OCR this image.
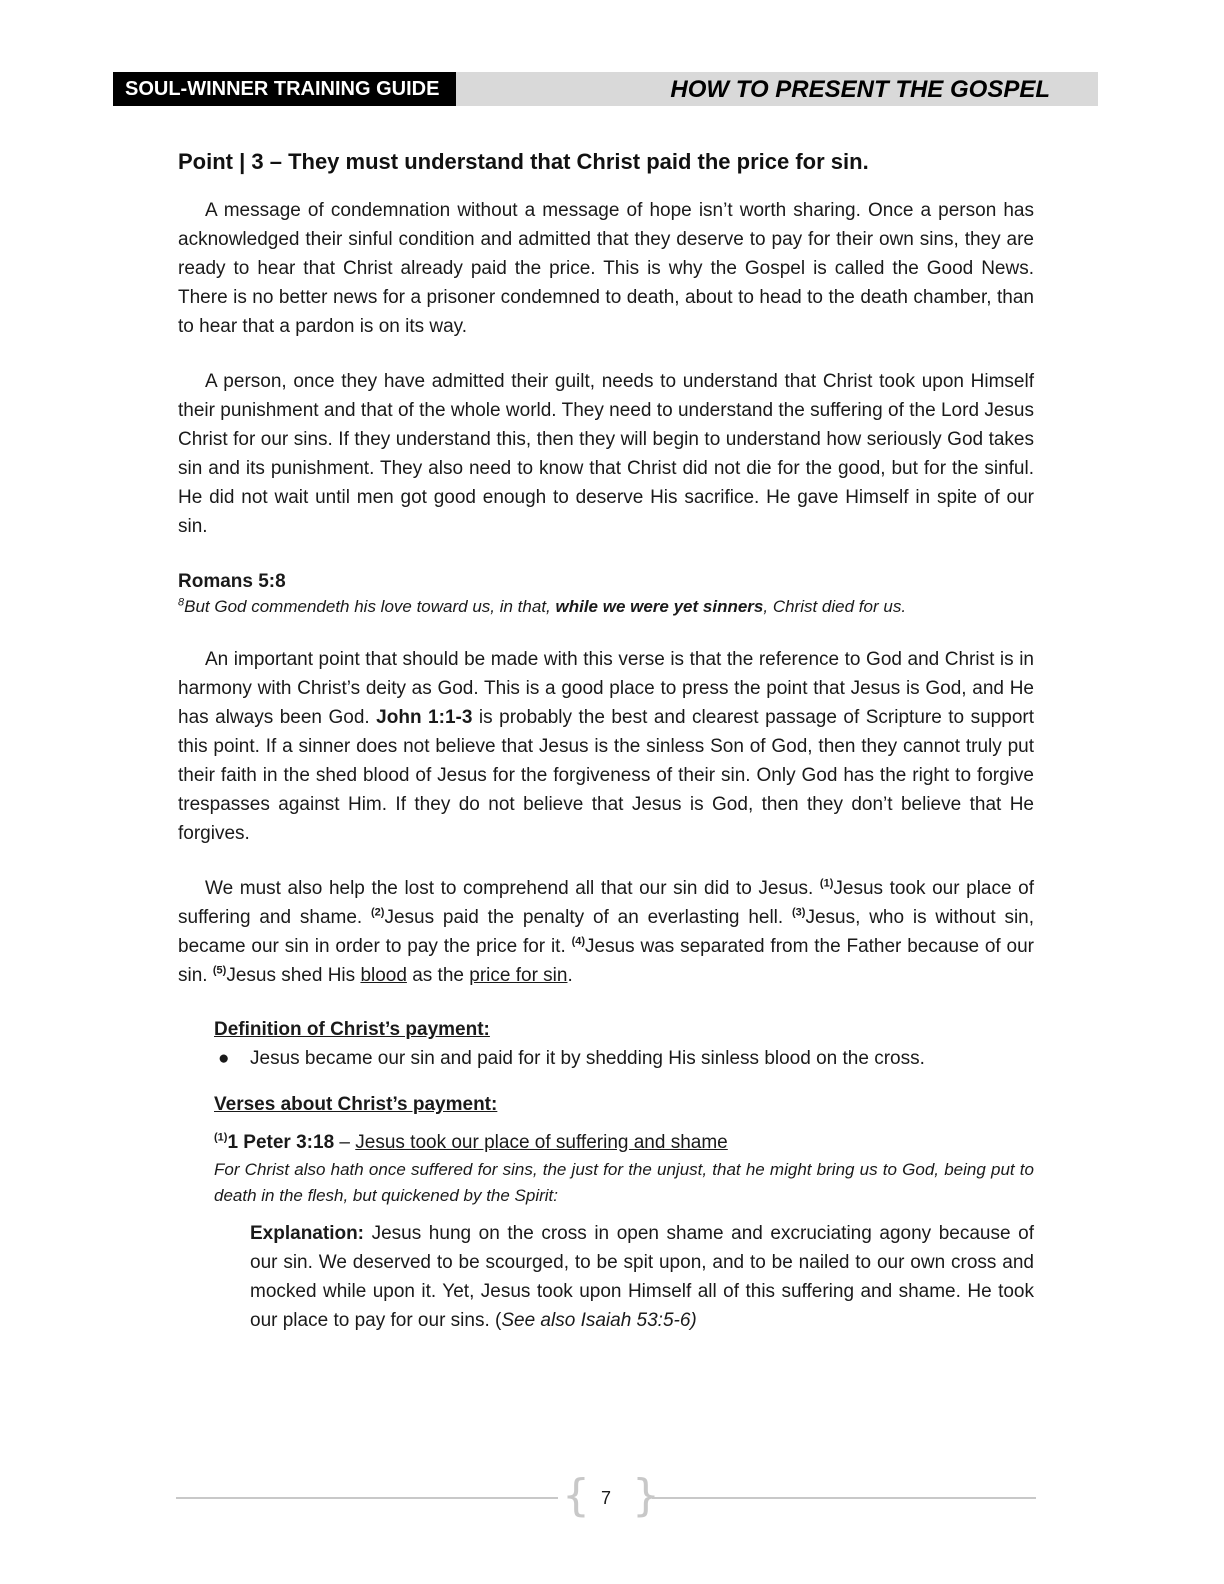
SOUL-WINNER TRAINING GUIDE	HOW TO PRESENT THE GOSPEL
Point | 3 – They must understand that Christ paid the price for sin.

A message of condemnation without a message of hope isn’t worth sharing. Once a person has acknowledged their sinful condition and admitted that they deserve to pay for their own sins, they are ready to hear that Christ already paid the price. This is why the Gospel is called the Good News. There is no better news for a prisoner condemned to death, about to head to the death chamber, than to hear that a pardon is on its way.

A person, once they have admitted their guilt, needs to understand that Christ took upon Himself their punishment and that of the whole world. They need to understand the suffering of the Lord Jesus Christ for our sins. If they understand this, then they will begin to understand how seriously God takes sin and its punishment. They also need to know that Christ did not die for the good, but for the sinful. He did not wait until men got good enough to deserve His sacrifice. He gave Himself in spite of our sin.

Romans 5:8
$^8$But God commendeth his love toward us, in that, while we were yet sinners, Christ died for us.

An important point that should be made with this verse is that the reference to God and Christ is in harmony with Christ’s deity as God. This is a good place to press the point that Jesus is God, and He has always been God. John 1:1-3 is probably the best and clearest passage of Scripture to support this point. If a sinner does not believe that Jesus is the sinless Son of God, then they cannot truly put their faith in the shed blood of Jesus for the forgiveness of their sin. Only God has the right to forgive trespasses against Him. If they do not believe that Jesus is God, then they don’t believe that He forgives.

We must also help the lost to comprehend all that our sin did to Jesus. $^{(1)}$Jesus took our place of suffering and shame. $^{(2)}$Jesus paid the penalty of an everlasting hell. $^{(3)}$Jesus, who is without sin, became our sin in order to pay the price for it. $^{(4)}$Jesus was separated from the Father because of our sin. $^{(5)}$Jesus shed His blood as the price for sin.

Definition of Christ’s payment:
●	Jesus became our sin and paid for it by shedding His sinless blood on the cross.
Verses about Christ’s payment:
$^{(1)}$1 Peter 3:18 – Jesus took our place of suffering and shame
For Christ also hath once suffered for sins, the just for the unjust, that he might bring us to God, being put to death in the flesh, but quickened by the Spirit:
Explanation: Jesus hung on the cross in open shame and excruciating agony because of our sin. We deserved to be scourged, to be spit upon, and to be nailed to our own cross and mocked while upon it. Yet, Jesus took upon Himself all of this suffering and shame. He took our place to pay for our sins. (See also Isaiah 53:5-6)
{ }
7
